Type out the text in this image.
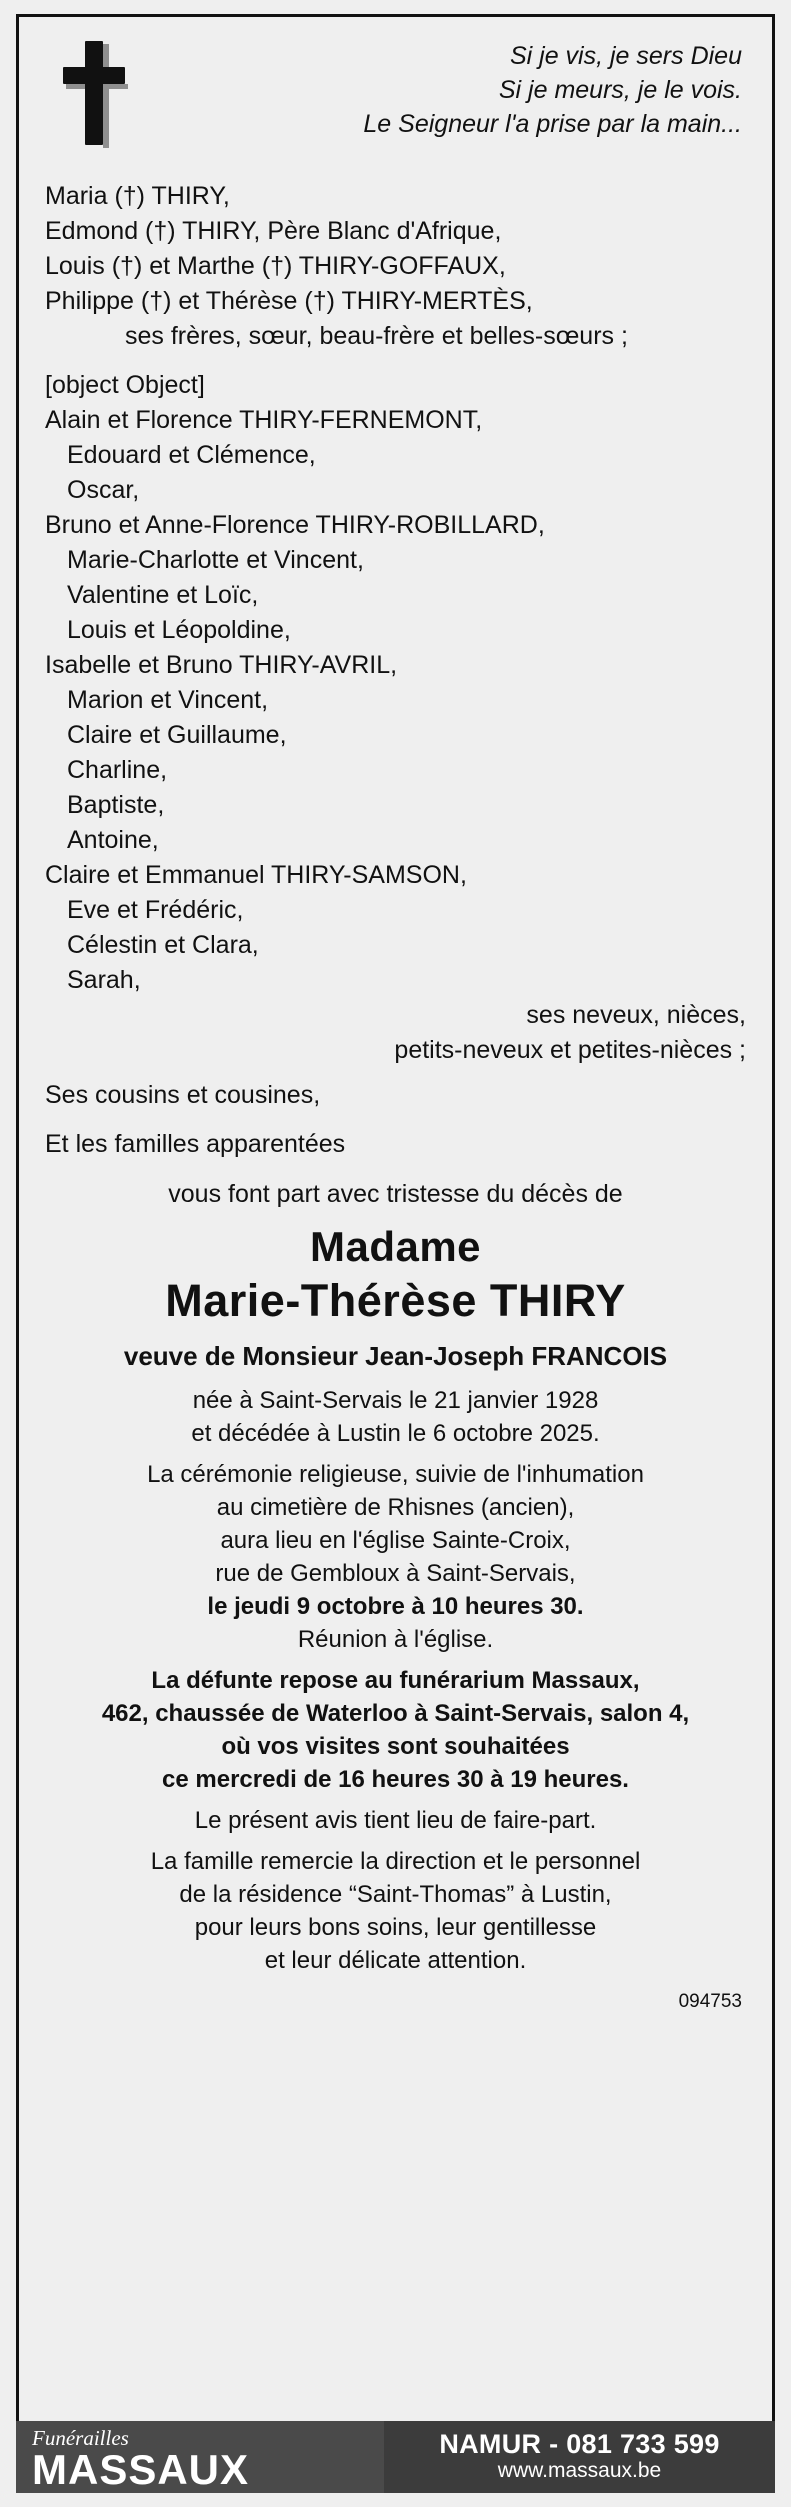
Si je vis, je sers Dieu
Si je meurs, je le vois.
Le Seigneur l'a prise par la main...
Maria (†) THIRY,
Edmond (†) THIRY, Père Blanc d'Afrique,
Louis (†) et Marthe (†) THIRY-GOFFAUX,
Philippe (†) et Thérèse (†) THIRY-MERTÈS,
ses frères, sœur, beau-frère et belles-sœurs ;
[object Object]
Alain et Florence THIRY-FERNEMONT,
Edouard et Clémence,
Oscar,
Bruno et Anne-Florence THIRY-ROBILLARD,
Marie-Charlotte et Vincent,
Valentine et Loïc,
Louis et Léopoldine,
Isabelle et Bruno THIRY-AVRIL,
Marion et Vincent,
Claire et Guillaume,
Charline,
Baptiste,
Antoine,
Claire et Emmanuel THIRY-SAMSON,
Eve et Frédéric,
Célestin et Clara,
Sarah,
ses neveux, nièces,
petits-neveux et petites-nièces ;
Ses cousins et cousines,
Et les familles apparentées
vous font part avec tristesse du décès de
Madame
Marie-Thérèse THIRY
veuve de Monsieur Jean-Joseph FRANCOIS
née à Saint-Servais le 21 janvier 1928
et décédée à Lustin le 6 octobre 2025.
La cérémonie religieuse, suivie de l'inhumation
au cimetière de Rhisnes (ancien),
aura lieu en l'église Sainte-Croix,
rue de Gembloux à Saint-Servais,
le jeudi 9 octobre à 10 heures 30.
Réunion à l'église.
La défunte repose au funérarium Massaux,
462, chaussée de Waterloo à Saint-Servais, salon 4,
où vos visites sont souhaitées
ce mercredi de 16 heures 30 à 19 heures.
Le présent avis tient lieu de faire-part.
La famille remercie la direction et le personnel
de la résidence “Saint-Thomas” à Lustin,
pour leurs bons soins, leur gentillesse
et leur délicate attention.
094753
Funérailles
MASSAUX
NAMUR - 081 733 599
www.massaux.be
